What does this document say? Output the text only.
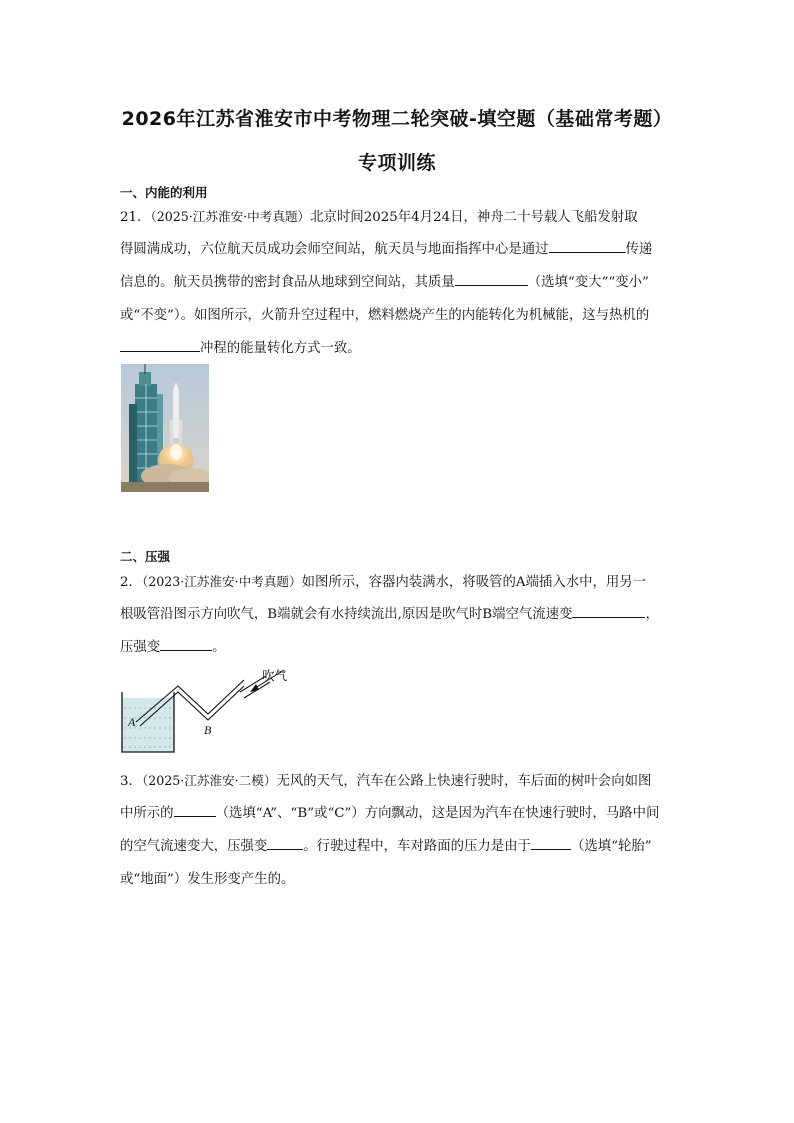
2026年江苏省淮安市中考物理二轮突破-填空题（基础常考题）
专项训练
一、内能的利用
21．（2025·江苏淮安·中考真题）北京时间2025年4月24日，神舟二十号载人飞船发射取
得圆满成功，六位航天员成功会师空间站，航天员与地面指挥中心是通过	传递
信息的。航天员携带的密封食品从地球到空间站，其质量	（选填“变大”“变小”
或“不变”）。如图所示，火箭升空过程中，燃料燃烧产生的内能转化为机械能，这与热机的
冲程的能量转化方式一致。
二、压强
2．（2023·江苏淮安·中考真题）如图所示，容器内装满水，将吸管的A端插入水中，用另一
根吸管沿图示方向吹气，B端就会有水持续流出,原因是吹气时B端空气流速变	，
压强变	。
吹气
A
B
3．（2025·江苏淮安·二模）无风的天气，汽车在公路上快速行驶时，车后面的树叶会向如图
中所示的	（选填“A”、“B”或“C”）方向飘动，这是因为汽车在快速行驶时，马路中间
的空气流速变大，压强变	。行驶过程中，车对路面的压力是由于	（选填“轮胎”
或“地面”）发生形变产生的。
